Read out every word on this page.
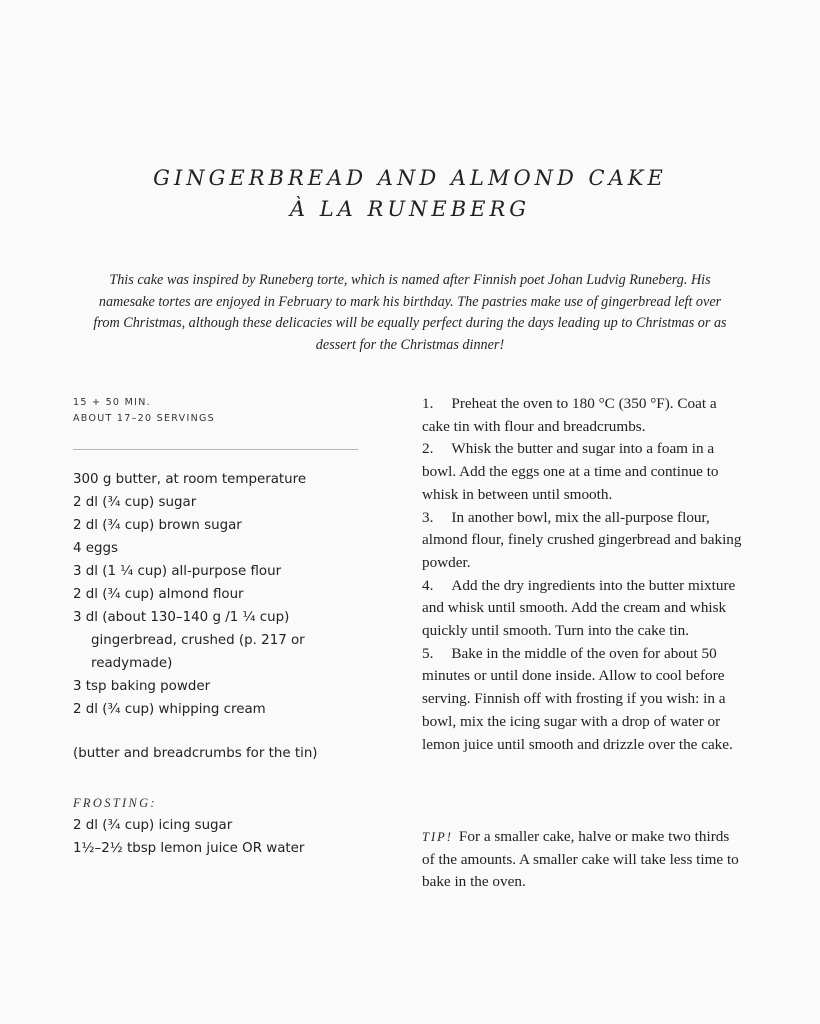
GINGERBREAD AND ALMOND CAKE
À LA RUNEBERG

This cake was inspired by Runeberg torte, which is named after Finnish poet Johan Ludvig Runeberg. His namesake tortes are enjoyed in February to mark his birthday. The pastries make use of gingerbread left over from Christmas, although these delicacies will be equally perfect during the days leading up to Christmas or as dessert for the Christmas dinner!

15 + 50 MIN.
ABOUT 17–20 SERVINGS
300 g butter, at room temperature
2 dl (¾ cup) sugar
2 dl (¾ cup) brown sugar
4 eggs
3 dl (1 ¼ cup) all-purpose flour
2 dl (¾ cup) almond flour
3 dl (about 130–140 g /1 ¼ cup) gingerbread, crushed (p. 217 or readymade)
3 tsp baking powder
2 dl (¾ cup) whipping cream
(butter and breadcrumbs for the tin)
FROSTING:
2 dl (¾ cup) icing sugar
1½–2½ tbsp lemon juice OR water
1. Preheat the oven to 180 °C (350 °F). Coat a cake tin with flour and breadcrumbs.
2. Whisk the butter and sugar into a foam in a bowl. Add the eggs one at a time and continue to whisk in between until smooth.
3. In another bowl, mix the all-purpose flour, almond flour, finely crushed gingerbread and baking powder.
4. Add the dry ingredients into the butter mixture and whisk until smooth. Add the cream and whisk quickly until smooth. Turn into the cake tin.
5. Bake in the middle of the oven for about 50 minutes or until done inside. Allow to cool before serving. Finnish off with frosting if you wish: in a bowl, mix the icing sugar with a drop of water or lemon juice until smooth and drizzle over the cake.

TIP! For a smaller cake, halve or make two thirds of the amounts. A smaller cake will take less time to bake in the oven.
